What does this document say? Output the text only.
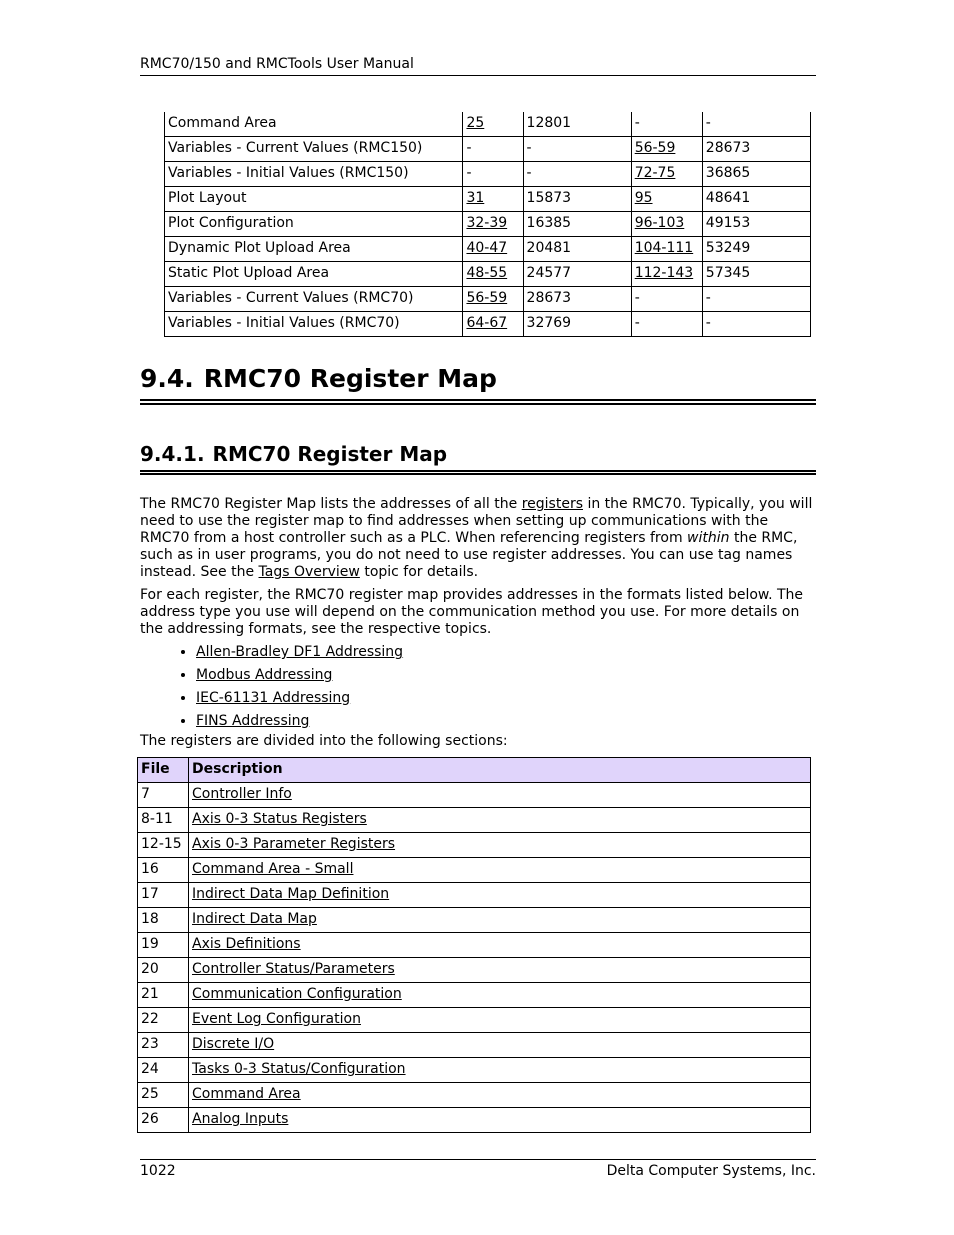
RMC70/150 and RMCTools User Manual
Command Area	25	12801	-	-
Variables - Current Values (RMC150)	-	-	56-59	28673
Variables - Initial Values (RMC150)	-	-	72-75	36865
Plot Layout	31	15873	95	48641
Plot Configuration	32-39	16385	96-103	49153
Dynamic Plot Upload Area	40-47	20481	104-111	53249
Static Plot Upload Area	48-55	24577	112-143	57345
Variables - Current Values (RMC70)	56-59	28673	-	-
Variables - Initial Values (RMC70)	64-67	32769	-	-
9.4. RMC70 Register Map
9.4.1. RMC70 Register Map

The RMC70 Register Map lists the addresses of all the registers in the RMC70. Typically, you will need to use the register map to find addresses when setting up communications with the RMC70 from a host controller such as a PLC. When referencing registers from within the RMC, such as in user programs, you do not need to use register addresses. You can use tag names instead. See the Tags Overview topic for details.

For each register, the RMC70 register map provides addresses in the formats listed below. The address type you use will depend on the communication method you use. For more details on the addressing formats, see the respective topics.

• Allen-Bradley DF1 Addressing
• Modbus Addressing
• IEC-61131 Addressing
• FINS Addressing

The registers are divided into the following sections:

File	Description
7	Controller Info
8-11	Axis 0-3 Status Registers
12-15	Axis 0-3 Parameter Registers
16	Command Area - Small
17	Indirect Data Map Definition
18	Indirect Data Map
19	Axis Definitions
20	Controller Status/Parameters
21	Communication Configuration
22	Event Log Configuration
23	Discrete I/O
24	Tasks 0-3 Status/Configuration
25	Command Area
26	Analog Inputs
1022	Delta Computer Systems, Inc.
